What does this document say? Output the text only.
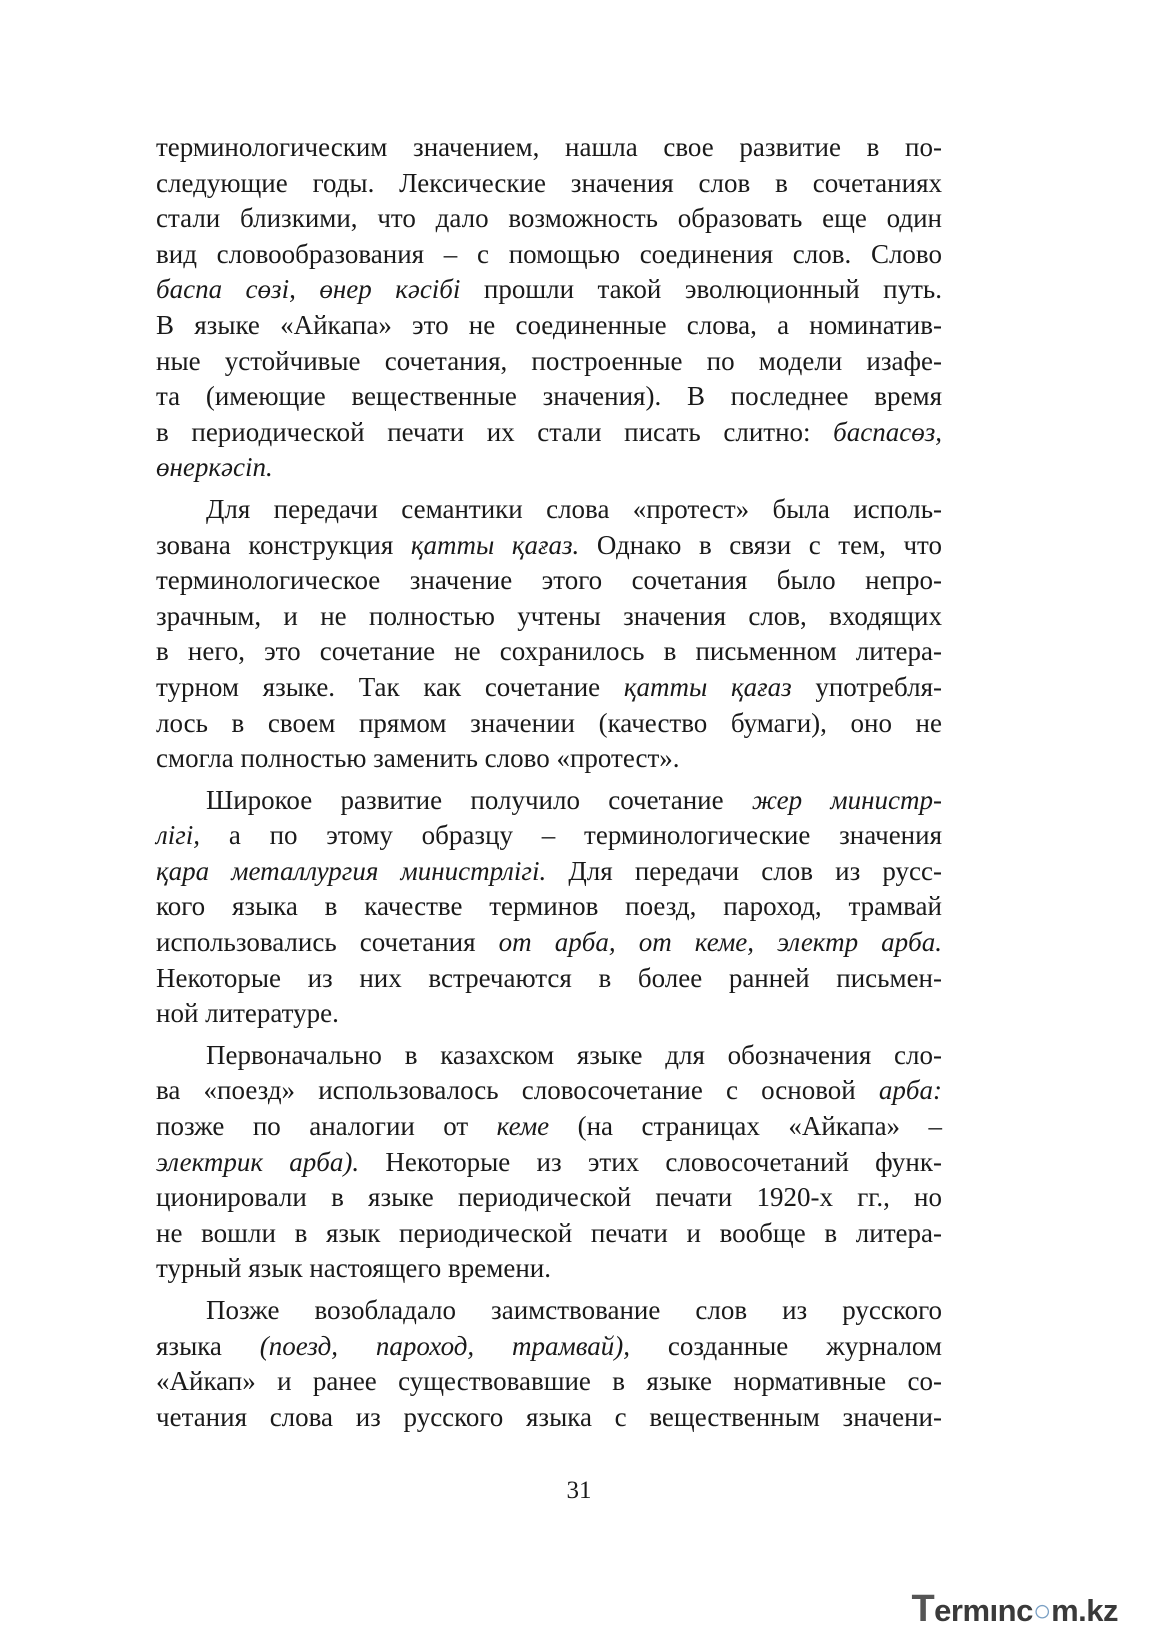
терминологическим значением, нашла свое развитие в по-
следующие годы. Лексические значения слов в сочетаниях
стали близкими, что дало возможность образовать еще один
вид словообразования – с помощью соединения слов. Слово
баспа сөзі, өнер кәсібі прошли такой эволюционный путь.
В языке «Айкапа» это не соединенные слова, а номинатив-
ные устойчивые сочетания, построенные по модели изафе-
та (имеющие вещественные значения). В последнее время
в периодической печати их стали писать слитно: баспасөз,
өнеркәсіп.
Для передачи семантики слова «протест» была исполь-
зована конструкция қатты қағаз. Однако в связи с тем, что
терминологическое значение этого сочетания было непро-
зрачным, и не полностью учтены значения слов, входящих
в него, это сочетание не сохранилось в письменном литера-
турном языке. Так как сочетание қатты қағаз употребля-
лось в своем прямом значении (качество бумаги), оно не
смогла полностью заменить слово «протест».
Широкое развитие получило сочетание жер министр-
лігі, а по этому образцу – терминологические значения
қара металлургия министрлігі. Для передачи слов из русс-
кого языка в качестве терминов поезд, пароход, трамвай
использовались сочетания от арба, от кеме, электр арба.
Некоторые из них встречаются в более ранней письмен-
ной литературе.
Первоначально в казахском языке для обозначения сло-
ва «поезд» использовалось словосочетание с основой арба:
позже по аналогии от кеме (на страницах «Айкапа» –
электрик арба). Некоторые из этих словосочетаний функ-
ционировали в языке периодической печати 1920-х гг., но
не вошли в язык периодической печати и вообще в литера-
турный язык настоящего времени.
Позже возобладало заимствование слов из русского
языка (поезд, пароход, трамвай), созданные журналом
«Айкап» и ранее существовавшие в языке нормативные со-
четания слова из русского языка с вещественным значени-
31
Termınc○m.kz
